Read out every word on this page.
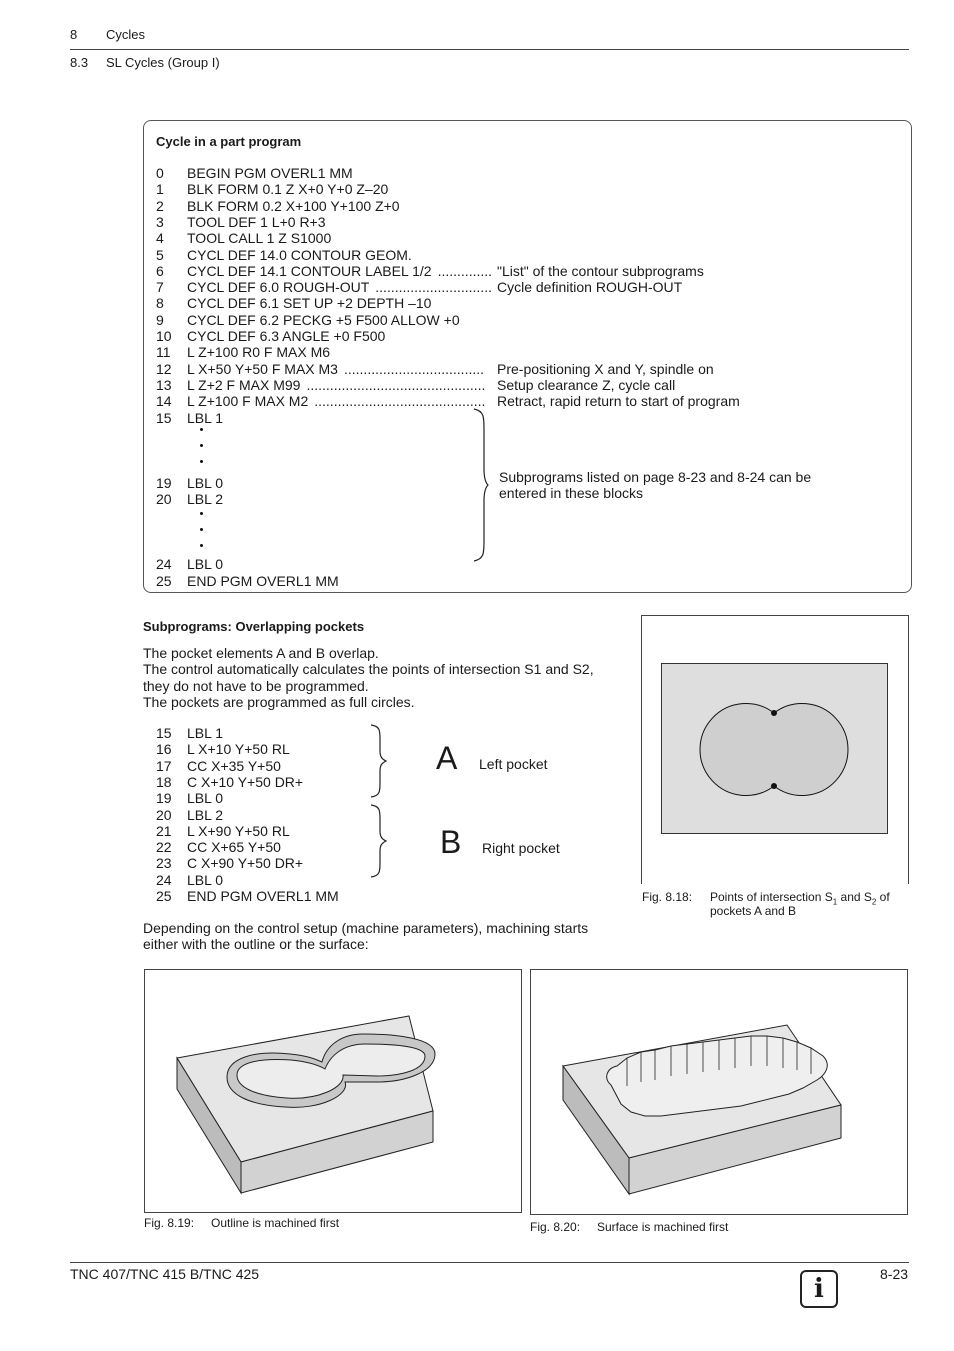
8 Cycles
8.3 SL Cycles (Group I)
Cycle in a part program
0 BEGIN PGM OVERL1 MM
1 BLK FORM 0.1 Z X+0 Y+0 Z–20
2 BLK FORM 0.2 X+100 Y+100 Z+0
3 TOOL DEF 1 L+0 R+3
4 TOOL CALL 1 Z S1000
5 CYCL DEF 14.0 CONTOUR GEOM.
6 CYCL DEF 14.1 CONTOUR LABEL 1/2 .............. "List" of the contour subprograms
7 CYCL DEF 6.0 ROUGH-OUT .............................. Cycle definition ROUGH-OUT
8 CYCL DEF 6.1 SET UP +2 DEPTH –10
9 CYCL DEF 6.2 PECKG +5 F500 ALLOW +0
10 CYCL DEF 6.3 ANGLE +0 F500
11 L Z+100 R0 F MAX M6
12 L X+50 Y+50 F MAX M3 .................................... Pre-positioning X and Y, spindle on
13 L Z+2 F MAX M99 .............................................. Setup clearance Z, cycle call
14 L Z+100 F MAX M2 ............................................ Retract, rapid return to start of program
15 LBL 1
19 LBL 0
20 LBL 2
24 LBL 0
25 END PGM OVERL1 MM
Subprograms listed on page 8-23 and 8-24 can be
entered in these blocks
Subprograms: Overlapping pockets
The pocket elements A and B overlap.
The control automatically calculates the points of intersection S1 and S2,
they do not have to be programmed.
The pockets are programmed as full circles.
15 LBL 1
16 L X+10 Y+50 RL
17 CC X+35 Y+50
18 C X+10 Y+50 DR+
19 LBL 0
20 LBL 2
21 L X+90 Y+50 RL
22 CC X+65 Y+50
23 C X+90 Y+50 DR+
24 LBL 0
25 END PGM OVERL1 MM
A Left pocket
B Right pocket
Depending on the control setup (machine parameters), machining starts
either with the outline or the surface:
Fig. 8.18: Points of intersection $S_1$ and $S_2$ of
pockets A and B
Fig. 8.19: Outline is machined first	Fig. 8.20: Surface is machined first
TNC 407/TNC 415 B/TNC 425	i	8-23
